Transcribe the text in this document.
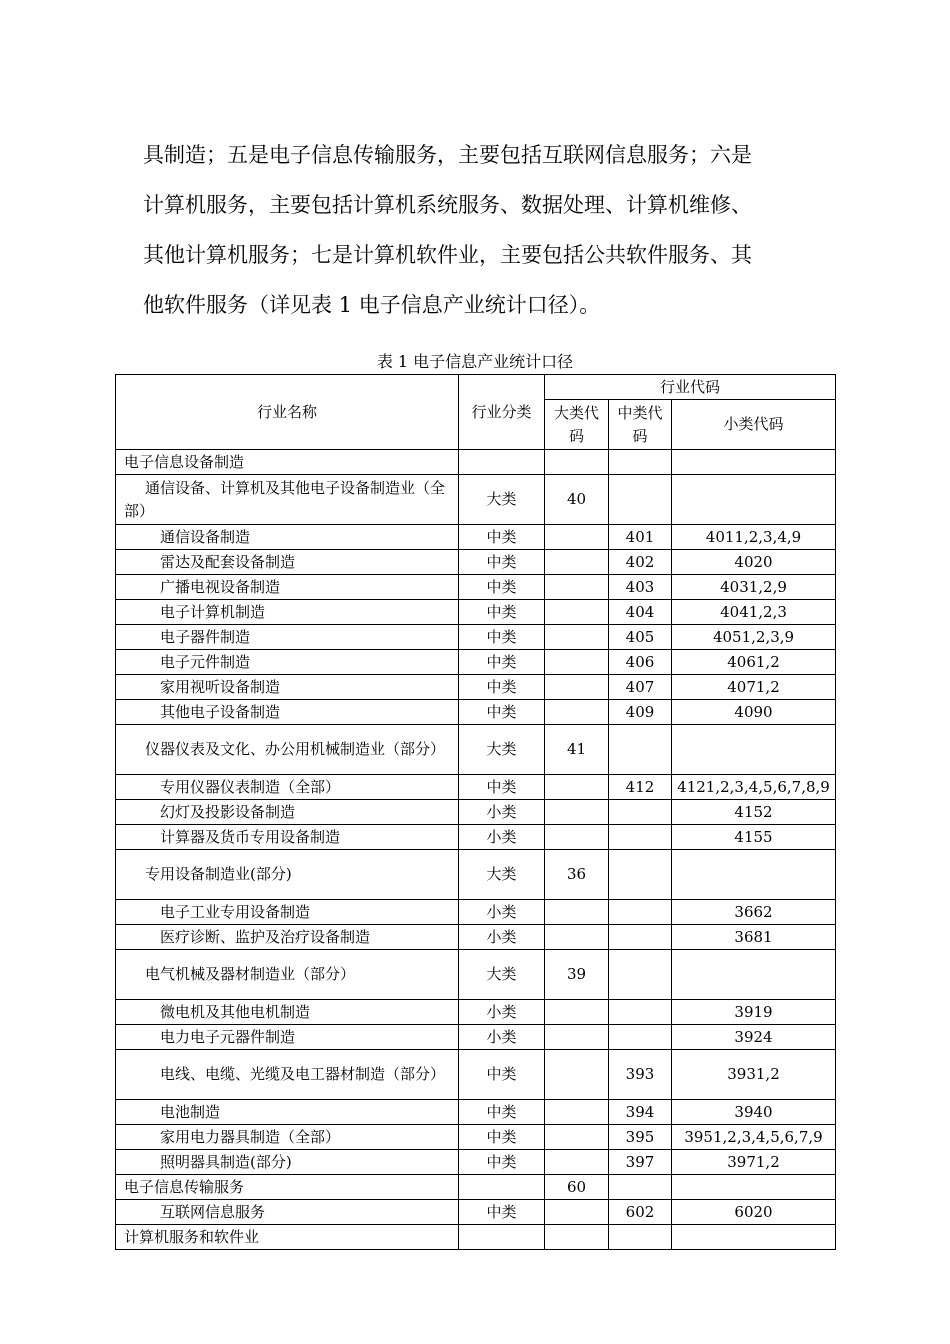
具制造；五是电子信息传输服务，主要包括互联网信息服务；六是
计算机服务，主要包括计算机系统服务、数据处理、计算机维修、
其他计算机服务；七是计算机软件业，主要包括公共软件服务、其
他软件服务（详见表 1 电子信息产业统计口径）。
表 1 电子信息产业统计口径
行业名称	行业分类	行业代码		
		大类代码	中类代码	小类代码
电子信息设备制造				
通信设备、计算机及其他电子设备制造业（全部）	大类	40		
通信设备制造	中类		401	4011,2,3,4,9
雷达及配套设备制造	中类		402	4020
广播电视设备制造	中类		403	4031,2,9
电子计算机制造	中类		404	4041,2,3
电子器件制造	中类		405	4051,2,3,9
电子元件制造	中类		406	4061,2
家用视听设备制造	中类		407	4071,2
其他电子设备制造	中类		409	4090
仪器仪表及文化、办公用机械制造业（部分）	大类	41		
专用仪器仪表制造（全部）	中类		412	4121,2,3,4,5,6,7,8,9
幻灯及投影设备制造	小类			4152
计算器及货币专用设备制造	小类			4155
专用设备制造业(部分)	大类	36		
电子工业专用设备制造	小类			3662
医疗诊断、监护及治疗设备制造	小类			3681
电气机械及器材制造业（部分）	大类	39		
微电机及其他电机制造	小类			3919
电力电子元器件制造	小类			3924
电线、电缆、光缆及电工器材制造（部分）	中类		393	3931,2
电池制造	中类		394	3940
家用电力器具制造（全部）	中类		395	3951,2,3,4,5,6,7,9
照明器具制造(部分)	中类		397	3971,2
电子信息传输服务		60		
互联网信息服务	中类		602	6020
计算机服务和软件业				
